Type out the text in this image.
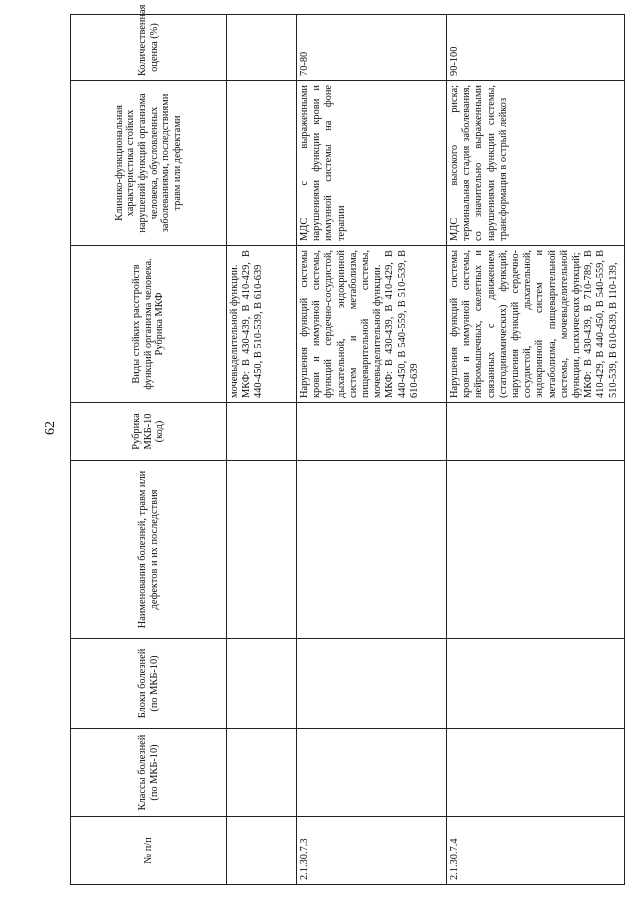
62
№ п/п	Классы болезней (по МКБ-10)	Блоки болезней (по МКБ-10)	Наименования болезней, травм или дефектов и их последствия	Рубрика МКБ-10 (код)	Виды стойких расстройств функций организма человека. Рубрика МКФ	Клинико-функциональная характеристика стойких нарушений функций организма человека, обусловленных заболеваниями, последствиями травм или дефектами	Количественная оценка (%)
					мочевыделительной функции.
МКФ: В 430-439, В 410-429, В 440-450, В 510-539, В 610-639		
2.1.30.7.3					Нарушения функций системы крови и иммунной системы, функций сердечно-сосудистой, дыхательной, эндокринной систем и метаболизма, пищеварительной системы, мочевыделительной функции.
МКФ: В 430-439, В 410-429, В 440-450, В 540-559, В 510-539, В 610-639	МДС с выраженными нарушениями функции крови и иммунной системы на фоне терапии	70-80
2.1.30.7.4					Нарушения функций системы крови и иммунной системы, нейромышечных, скелетных и связанных с движением (статодинамических) функций, нарушения функций сердечно-сосудистой, дыхательной, эндокринной систем и метаболизма, пищеварительной системы, мочевыделительной функции, психических функций;
МКФ: В 430-439, В 710-789, В 410-429, В 440-450, В 540-559, В 510-539, В 610-639, В 110-139,	МДС высокого риска; терминальная стадия заболевания, со значительно выраженными нарушениями функции системы, трансформация в острый лейкоз	90-100
